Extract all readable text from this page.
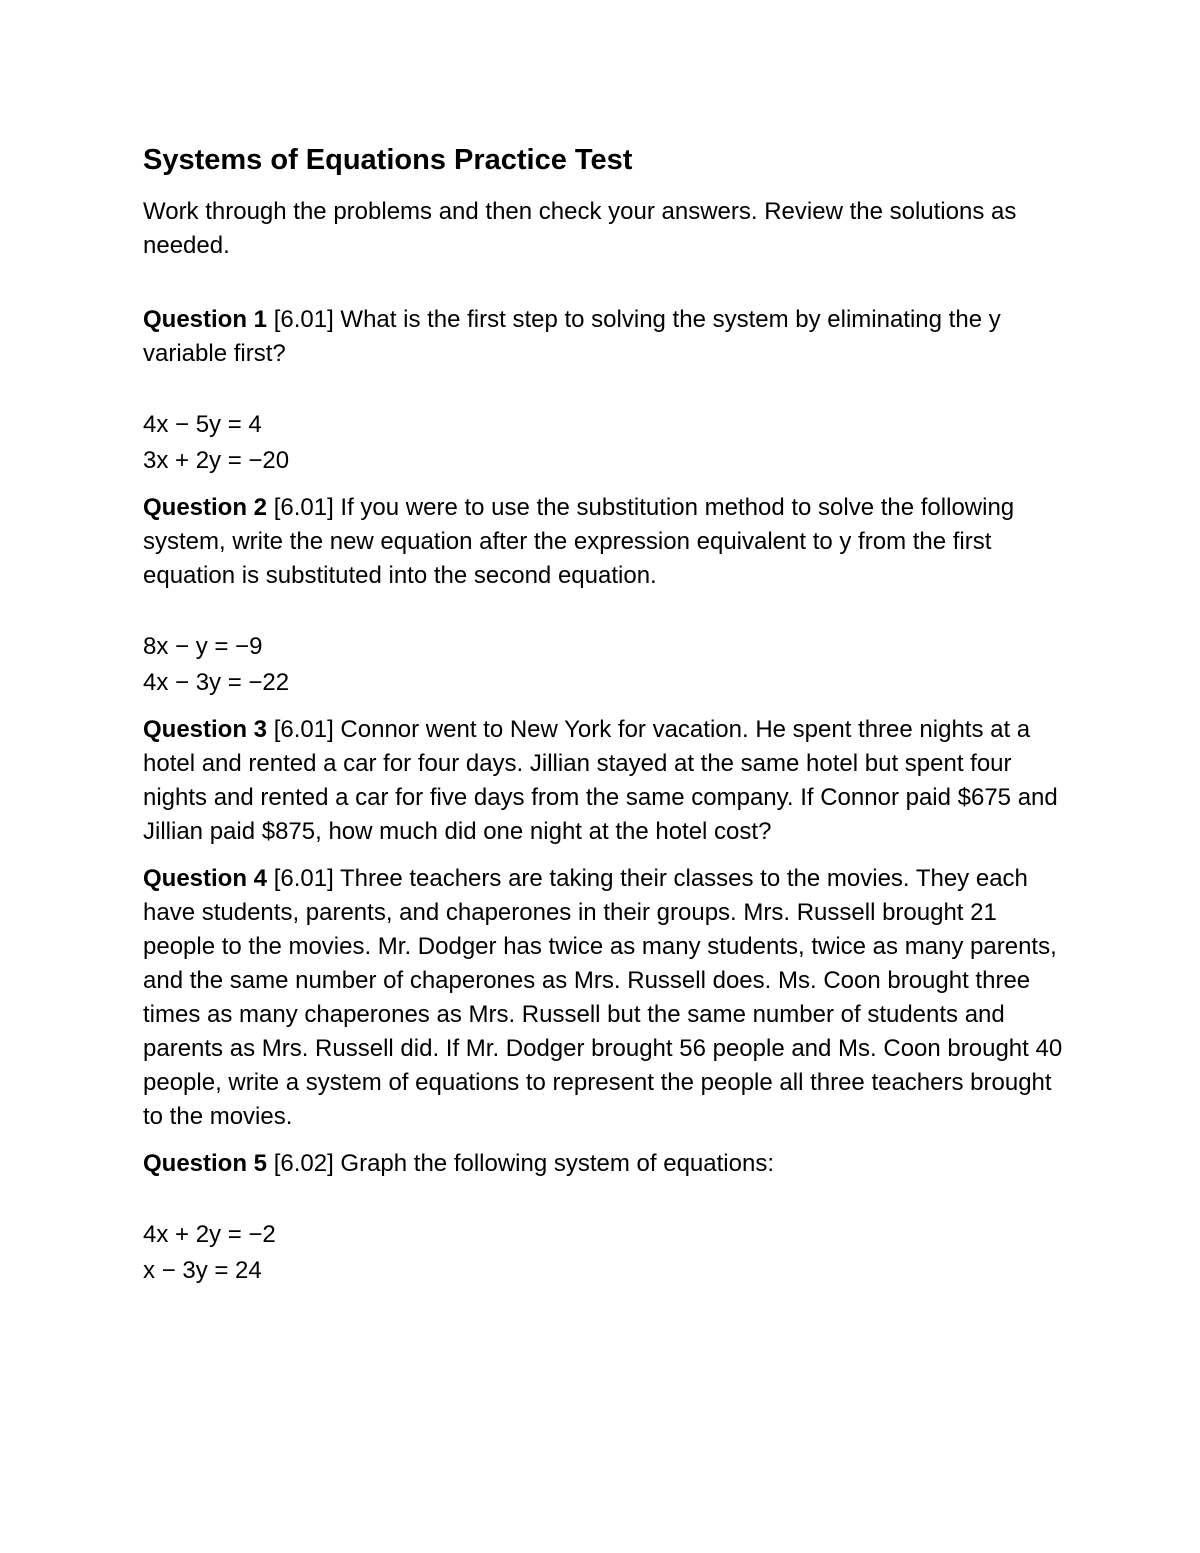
Systems of Equations Practice Test

Work through the problems and then check your answers. Review the solutions as needed.

Question 1 [6.01] What is the first step to solving the system by eliminating the y variable first?

4x − 5y = 4
3x + 2y = −20

Question 2 [6.01] If you were to use the substitution method to solve the following system, write the new equation after the expression equivalent to y from the first equation is substituted into the second equation.

8x − y = −9
4x − 3y = −22

Question 3 [6.01] Connor went to New York for vacation. He spent three nights at a hotel and rented a car for four days. Jillian stayed at the same hotel but spent four nights and rented a car for five days from the same company. If Connor paid $675 and Jillian paid $875, how much did one night at the hotel cost?

Question 4 [6.01] Three teachers are taking their classes to the movies. They each have students, parents, and chaperones in their groups. Mrs. Russell brought 21 people to the movies. Mr. Dodger has twice as many students, twice as many parents, and the same number of chaperones as Mrs. Russell does. Ms. Coon brought three times as many chaperones as Mrs. Russell but the same number of students and parents as Mrs. Russell did. If Mr. Dodger brought 56 people and Ms. Coon brought 40 people, write a system of equations to represent the people all three teachers brought to the movies.

Question 5 [6.02] Graph the following system of equations:

4x + 2y = −2
x − 3y = 24
